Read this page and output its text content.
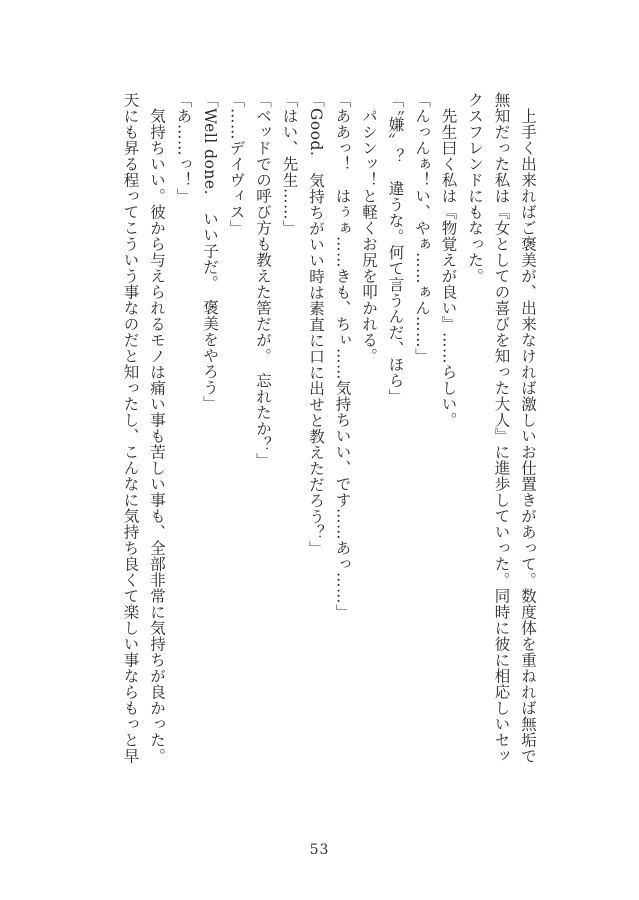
　上手く出来ればご褒美が、出来なければ激しいお仕置きがあって。数度体を重ねれば無垢で
無知だった私は『女としての喜びを知った大人』に進歩していった。同時に彼に相応しいセッ
クスフレンドにもなった。
　先生曰く私は『物覚えが良い』……らしい。
「んっんぁ！い、やぁ……ぁん……」
「〝嫌〟？　違うな。何て言うんだ、ほら」
　パシンッ！と軽くお尻を叩かれる。
「ああっ！　はぅぁ……きも、ちぃ……気持ちいい、です……あっ……」
「Good.　気持ちがいい時は素直に口に出せと教えただろう？」
「はい、先生……」
「ベッドでの呼び方も教えた筈だが。　忘れたか？」
「……デイヴィス」
「Well done.　いい子だ。　褒美をやろう」
「あ……っ！」
　気持ちいい。彼から与えられるモノは痛い事も苦しい事も、全部非常に気持ちが良かった。
天にも昇る程ってこういう事なのだと知ったし、こんなに気持ち良くて楽しい事ならもっと早
53
